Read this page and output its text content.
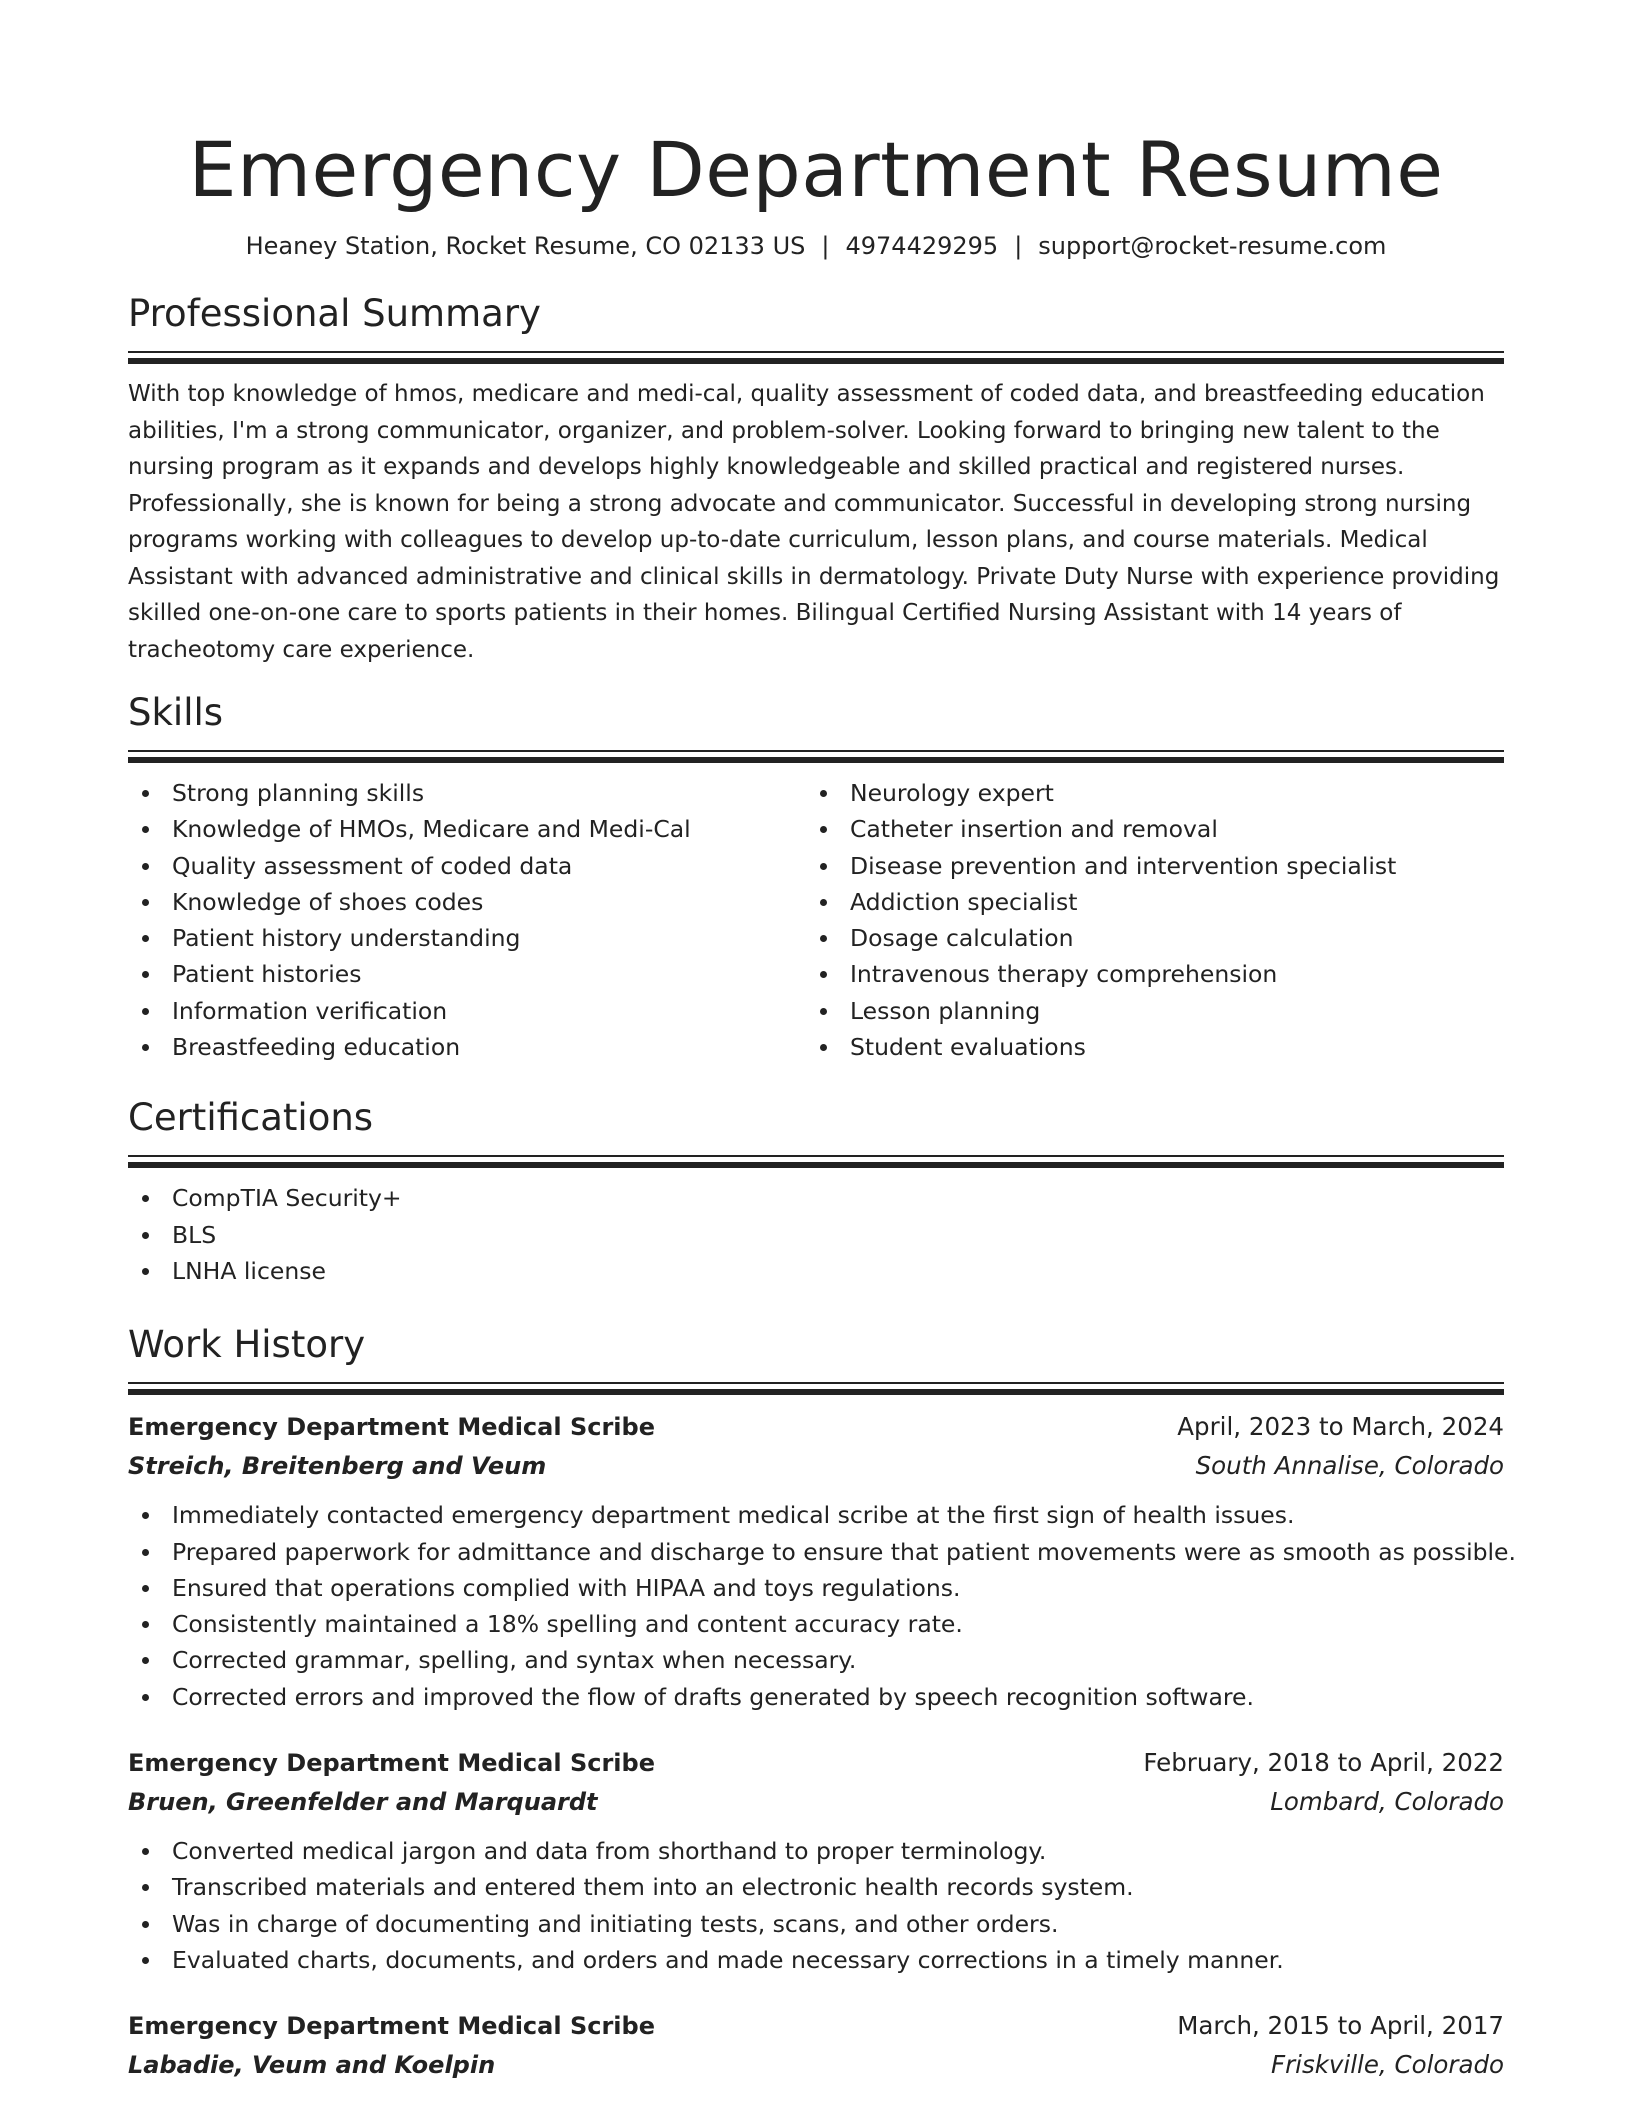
Emergency Department Resume
Heaney Station, Rocket Resume, CO 02133 US | 4974429295 | support@rocket-resume.com
Professional Summary

With top knowledge of hmos, medicare and medi-cal, quality assessment of coded data, and breastfeeding education abilities, I'm a strong communicator, organizer, and problem-solver. Looking forward to bringing new talent to the nursing program as it expands and develops highly knowledgeable and skilled practical and registered nurses. Professionally, she is known for being a strong advocate and communicator. Successful in developing strong nursing programs working with colleagues to develop up-to-date curriculum, lesson plans, and course materials. Medical Assistant with advanced administrative and clinical skills in dermatology. Private Duty Nurse with experience providing skilled one-on-one care to sports patients in their homes. Bilingual Certified Nursing Assistant with 14 years of tracheotomy care experience.

Skills
Strong planning skills
Knowledge of HMOs, Medicare and Medi-Cal
Quality assessment of coded data
Knowledge of shoes codes
Patient history understanding
Patient histories
Information verification
Breastfeeding education
Neurology expert
Catheter insertion and removal
Disease prevention and intervention specialist
Addiction specialist
Dosage calculation
Intravenous therapy comprehension
Lesson planning
Student evaluations
Certifications
CompTIA Security+
BLS
LNHA license
Work History
Emergency Department Medical Scribe	April, 2023 to March, 2024
Streich, Breitenberg and Veum	South Annalise, Colorado
Immediately contacted emergency department medical scribe at the first sign of health issues.
Prepared paperwork for admittance and discharge to ensure that patient movements were as smooth as possible.
Ensured that operations complied with HIPAA and toys regulations.
Consistently maintained a 18% spelling and content accuracy rate.
Corrected grammar, spelling, and syntax when necessary.
Corrected errors and improved the flow of drafts generated by speech recognition software.
Emergency Department Medical Scribe	February, 2018 to April, 2022
Bruen, Greenfelder and Marquardt	Lombard, Colorado
Converted medical jargon and data from shorthand to proper terminology.
Transcribed materials and entered them into an electronic health records system.
Was in charge of documenting and initiating tests, scans, and other orders.
Evaluated charts, documents, and orders and made necessary corrections in a timely manner.
Emergency Department Medical Scribe	March, 2015 to April, 2017
Labadie, Veum and Koelpin	Friskville, Colorado
